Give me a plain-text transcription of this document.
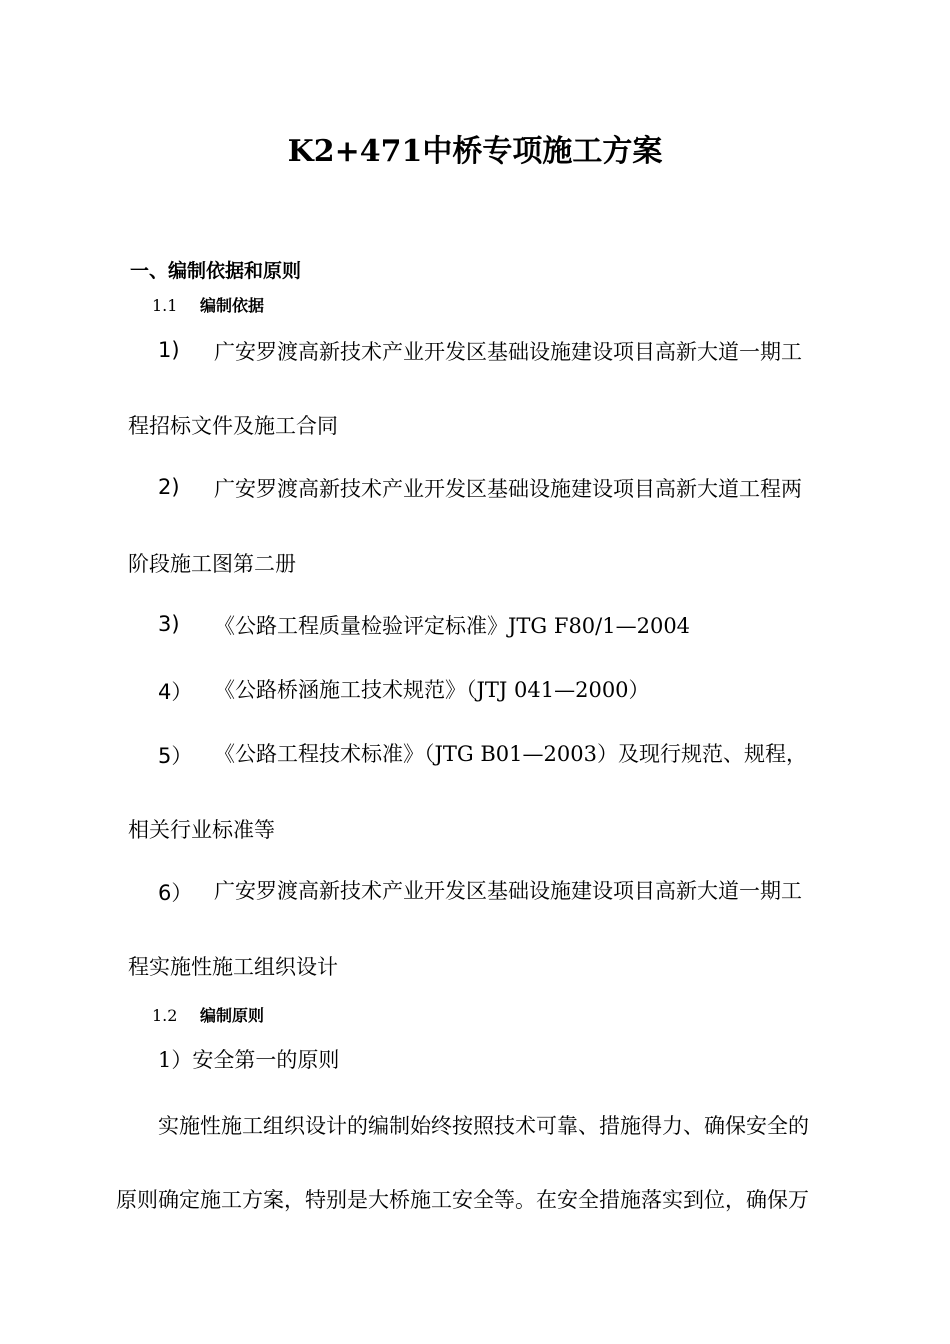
K2+471中桥专项施工方案
一、编制依据和原则
1.1 编制依据
1) 广安罗渡高新技术产业开发区基础设施建设项目高新大道一期工
程招标文件及施工合同
2) 广安罗渡高新技术产业开发区基础设施建设项目高新大道工程两
阶段施工图第二册
3) 《公路工程质量检验评定标准》JTG F80/1—2004
4） 《公路桥涵施工技术规范》（JTJ 041—2000）
5） 《公路工程技术标准》（JTG B01—2003）及现行规范、规程，
相关行业标准等
6） 广安罗渡高新技术产业开发区基础设施建设项目高新大道一期工
程实施性施工组织设计
1.2 编制原则
1）安全第一的原则
实施性施工组织设计的编制始终按照技术可靠、措施得力、确保安全的
原则确定施工方案，特别是大桥施工安全等。在安全措施落实到位，确保万
